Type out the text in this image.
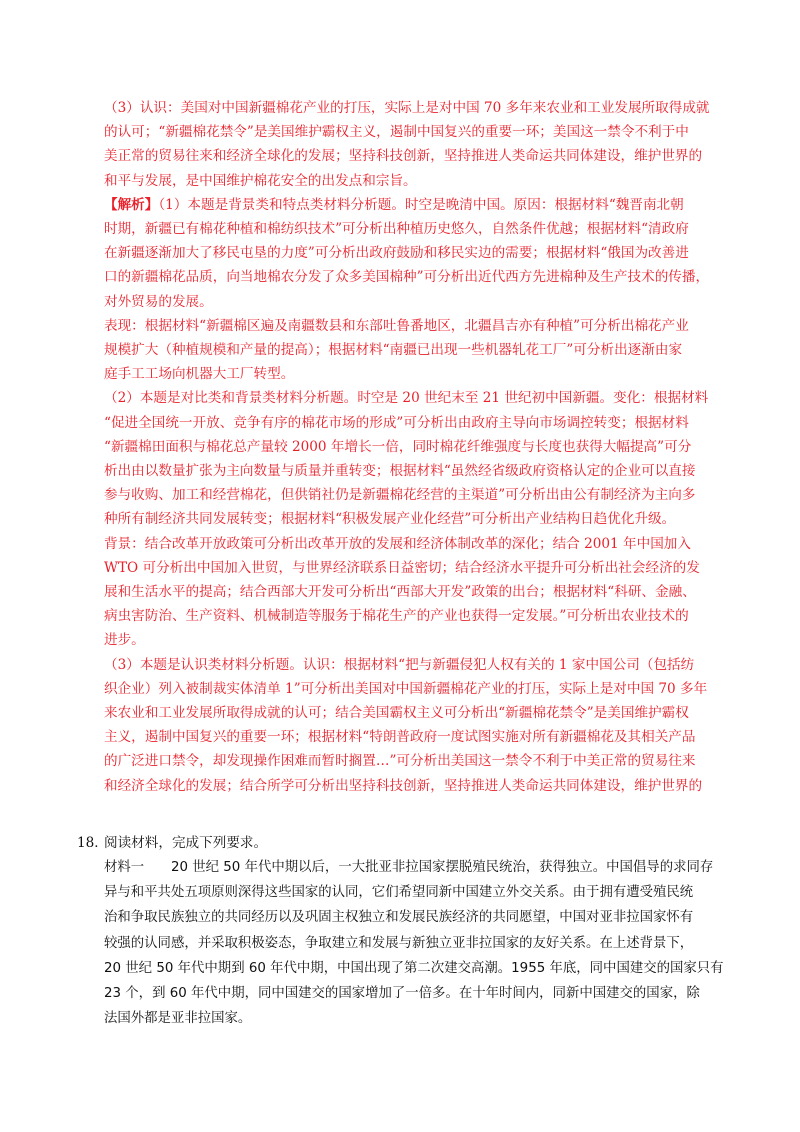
（3）认识：美国对中国新疆棉花产业的打压，实际上是对中国 70 多年来农业和工业发展所取得成就

的认可；“新疆棉花禁令”是美国维护霸权主义，遏制中国复兴的重要一环；美国这一禁令不利于中

美正常的贸易往来和经济全球化的发展；坚持科技创新，坚持推进人类命运共同体建设，维护世界的

和平与发展，是中国维护棉花安全的出发点和宗旨。

【解析】（1）本题是背景类和特点类材料分析题。时空是晚清中国。原因：根据材料“魏晋南北朝

时期，新疆已有棉花种植和棉纺织技术”可分析出种植历史悠久，自然条件优越；根据材料“清政府

在新疆逐渐加大了移民屯垦的力度”可分析出政府鼓励和移民实边的需要；根据材料“俄国为改善进

口的新疆棉花品质，向当地棉农分发了众多美国棉种”可分析出近代西方先进棉种及生产技术的传播，

对外贸易的发展。

表现：根据材料“新疆棉区遍及南疆数县和东部吐鲁番地区，北疆昌吉亦有种植”可分析出棉花产业

规模扩大（种植规模和产量的提高）；根据材料“南疆已出现一些机器轧花工厂”可分析出逐渐由家

庭手工工场向机器大工厂转型。

（2）本题是对比类和背景类材料分析题。时空是 20 世纪末至 21 世纪初中国新疆。变化：根据材料

“促进全国统一开放、竞争有序的棉花市场的形成”可分析出由政府主导向市场调控转变；根据材料

“新疆棉田面积与棉花总产量较 2000 年增长一倍，同时棉花纤维强度与长度也获得大幅提高”可分

析出由以数量扩张为主向数量与质量并重转变；根据材料“虽然经省级政府资格认定的企业可以直接

参与收购、加工和经营棉花，但供销社仍是新疆棉花经营的主渠道”可分析出由公有制经济为主向多

种所有制经济共同发展转变；根据材料“积极发展产业化经营”可分析出产业结构日趋优化升级。

背景：结合改革开放政策可分析出改革开放的发展和经济体制改革的深化；结合 2001 年中国加入

WTO 可分析出中国加入世贸，与世界经济联系日益密切；结合经济水平提升可分析出社会经济的发

展和生活水平的提高；结合西部大开发可分析出“西部大开发”政策的出台；根据材料“科研、金融、

病虫害防治、生产资料、机械制造等服务于棉花生产的产业也获得一定发展。”可分析出农业技术的

进步。

（3）本题是认识类材料分析题。认识：根据材料“把与新疆侵犯人权有关的 1 家中国公司（包括纺

织企业）列入被制裁实体清单 1”可分析出美国对中国新疆棉花产业的打压，实际上是对中国 70 多年

来农业和工业发展所取得成就的认可；结合美国霸权主义可分析出“新疆棉花禁令”是美国维护霸权

主义，遏制中国复兴的重要一环；根据材料“特朗普政府一度试图实施对所有新疆棉花及其相关产品

的广泛进口禁令，却发现操作困难而暂时搁置…”可分析出美国这一禁令不利于中美正常的贸易往来

和经济全球化的发展；结合所学可分析出坚持科技创新，坚持推进人类命运共同体建设，维护世界的

18．阅读材料，完成下列要求。

材料一　　20 世纪 50 年代中期以后，一大批亚非拉国家摆脱殖民统治，获得独立。中国倡导的求同存

异与和平共处五项原则深得这些国家的认同，它们希望同新中国建立外交关系。由于拥有遭受殖民统

治和争取民族独立的共同经历以及巩固主权独立和发展民族经济的共同愿望，中国对亚非拉国家怀有

较强的认同感，并采取积极姿态，争取建立和发展与新独立亚非拉国家的友好关系。在上述背景下，

20 世纪 50 年代中期到 60 年代中期，中国出现了第二次建交高潮。1955 年底，同中国建交的国家只有

23 个，到 60 年代中期，同中国建交的国家增加了一倍多。在十年时间内，同新中国建交的国家，除

法国外都是亚非拉国家。
